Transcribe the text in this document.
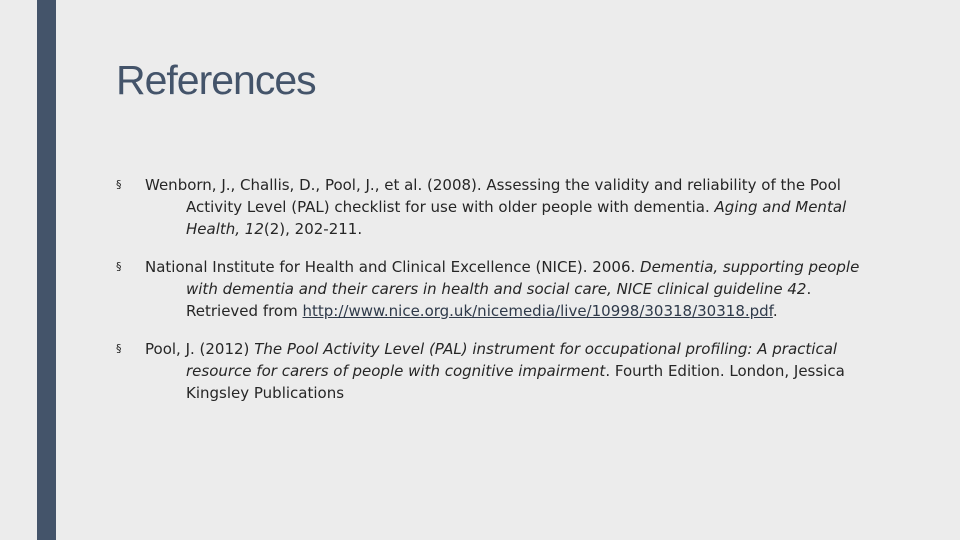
References
§ Wenborn, J., Challis, D., Pool, J., et al. (2008). Assessing the validity and reliability of the Pool Activity Level (PAL) checklist for use with older people with dementia. Aging and Mental Health, 12(2), 202-211.
§ National Institute for Health and Clinical Excellence (NICE). 2006. Dementia, supporting people with dementia and their carers in health and social care, NICE clinical guideline 42. Retrieved from http://www.nice.org.uk/nicemedia/live/10998/30318/30318.pdf.
§ Pool, J. (2012) The Pool Activity Level (PAL) instrument for occupational profiling: A practical resource for carers of people with cognitive impairment. Fourth Edition. London, Jessica Kingsley Publications
